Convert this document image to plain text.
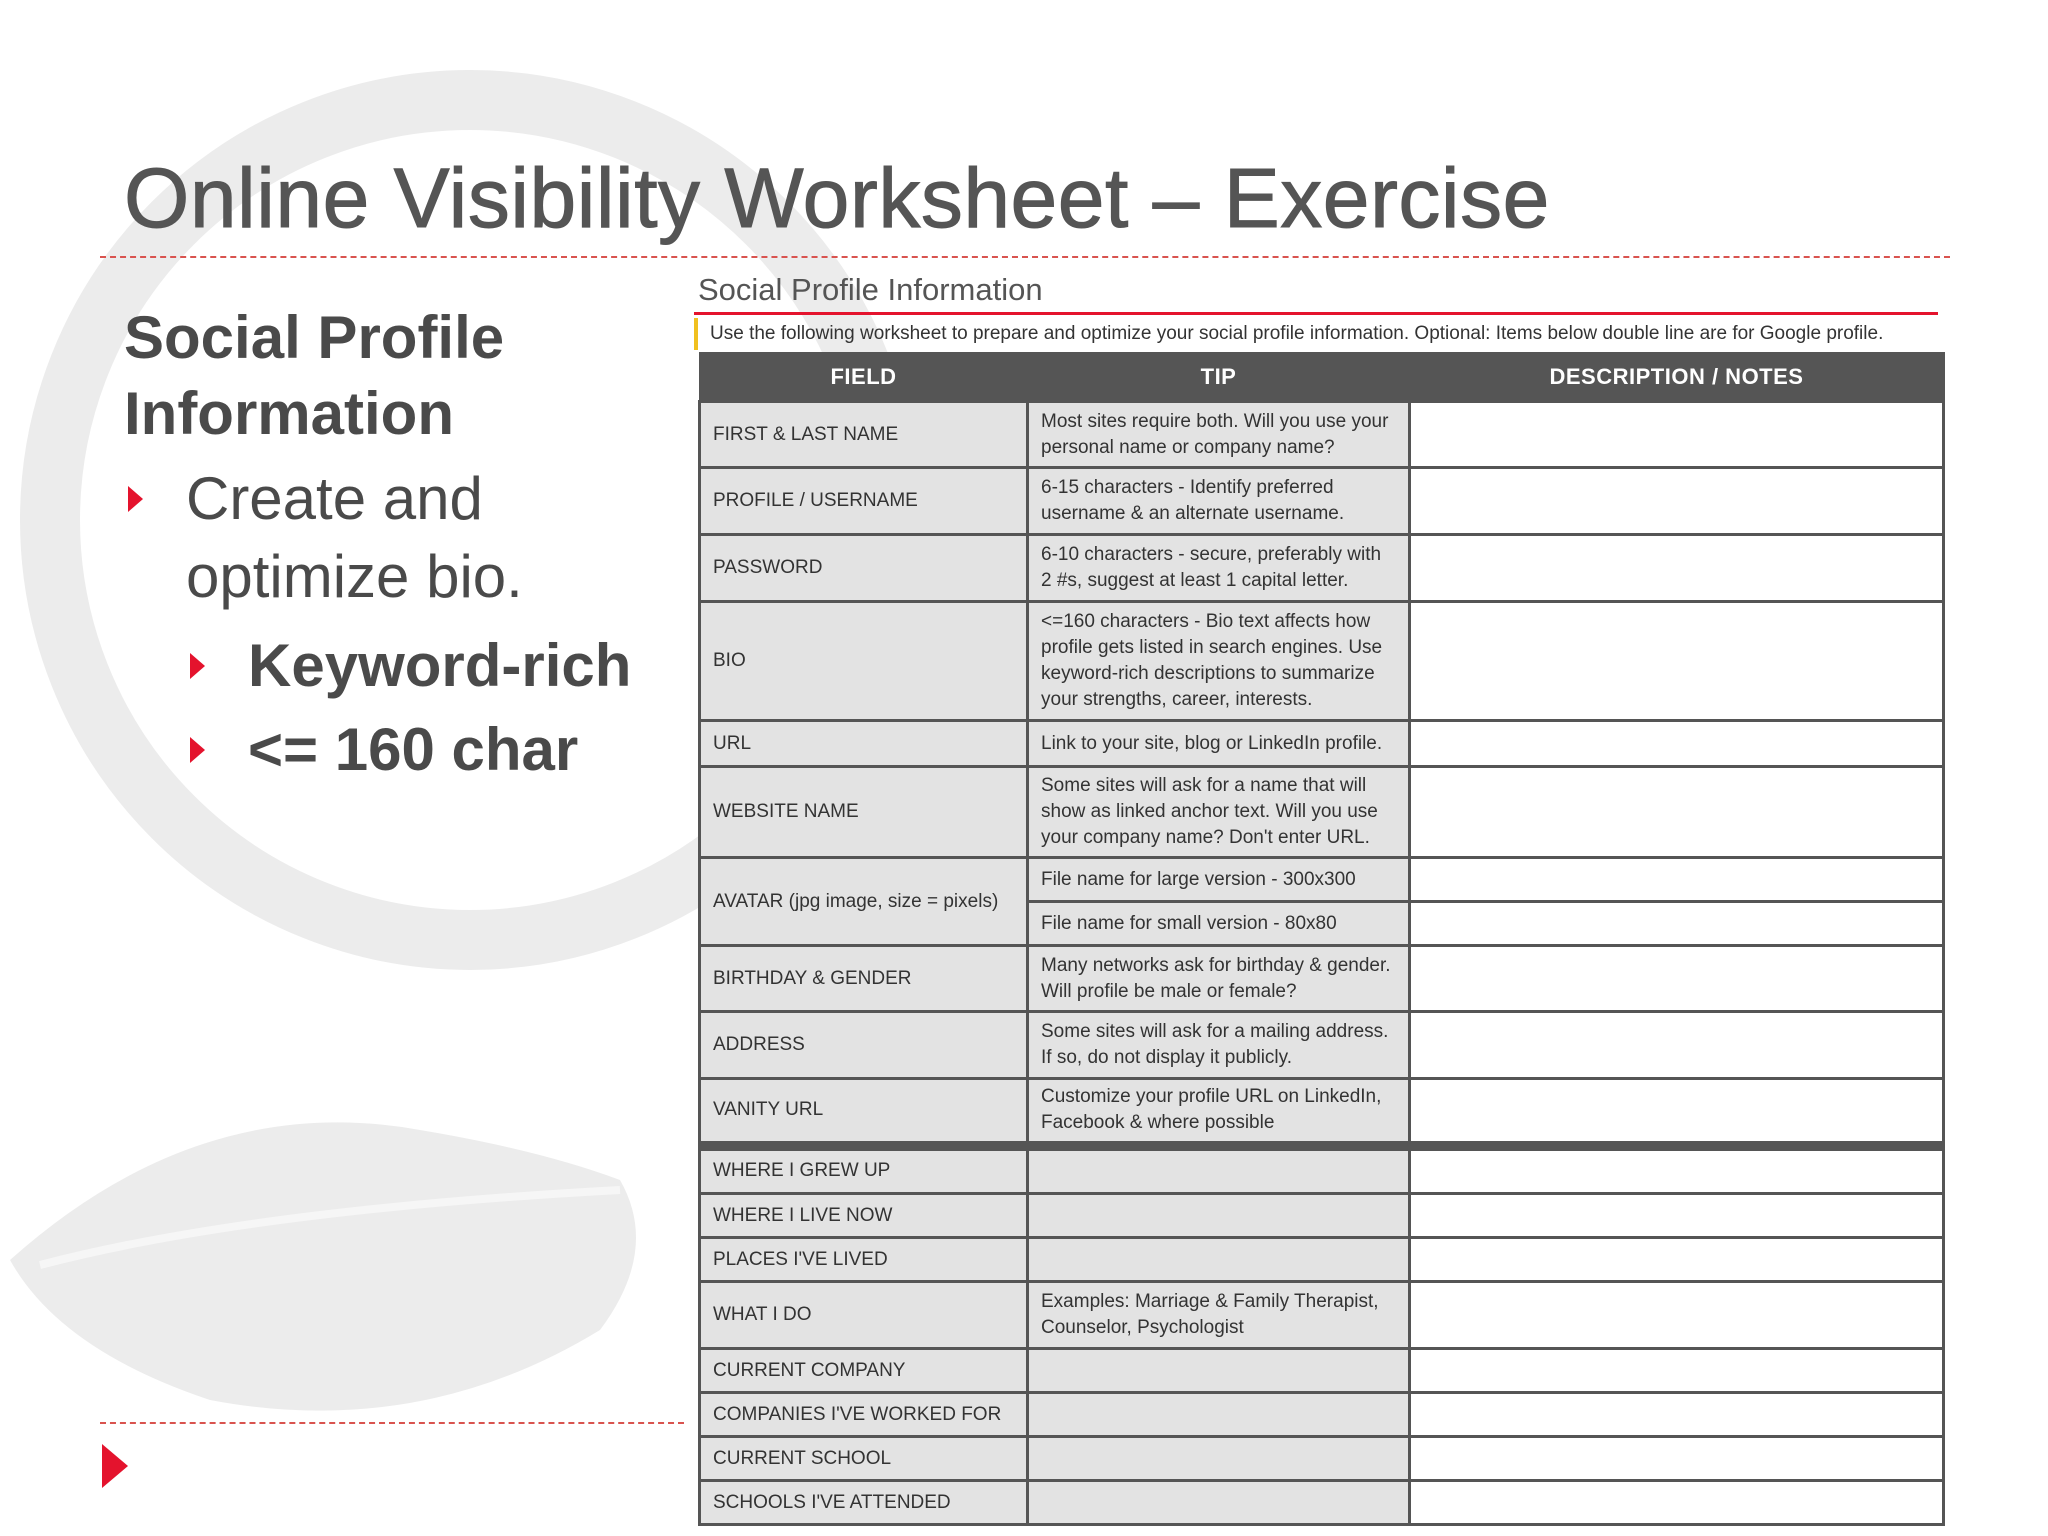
Online Visibility Worksheet – Exercise
Social Profile Information
Create and optimize bio.
Keyword-rich
<= 160 char
Social Profile Information
Use the following worksheet to prepare and optimize your social profile information. Optional: Items below double line are for Google profile.
FIELD	TIP	DESCRIPTION / NOTES
FIRST & LAST NAME	Most sites require both. Will you use your personal name or company name?	
PROFILE / USERNAME	6-15 characters - Identify preferred username & an alternate username.	
PASSWORD	6-10 characters - secure, preferably with 2 #s, suggest at least 1 capital letter.	
BIO	<=160 characters - Bio text affects how profile gets listed in search engines. Use keyword-rich descriptions to summarize your strengths, career, interests.	
URL	Link to your site, blog or LinkedIn profile.	
WEBSITE NAME	Some sites will ask for a name that will show as linked anchor text. Will you use your company name? Don't enter URL.	
AVATAR (jpg image, size = pixels)	File name for large version - 300x300	
	File name for small version - 80x80	
BIRTHDAY & GENDER	Many networks ask for birthday & gender. Will profile be male or female?	
ADDRESS	Some sites will ask for a mailing address. If so, do not display it publicly.	
VANITY URL	Customize your profile URL on LinkedIn, Facebook & where possible	
WHERE I GREW UP		
WHERE I LIVE NOW		
PLACES I'VE LIVED		
WHAT I DO	Examples: Marriage & Family Therapist, Counselor, Psychologist	
CURRENT COMPANY		
COMPANIES I'VE WORKED FOR		
CURRENT SCHOOL		
SCHOOLS I'VE ATTENDED		
